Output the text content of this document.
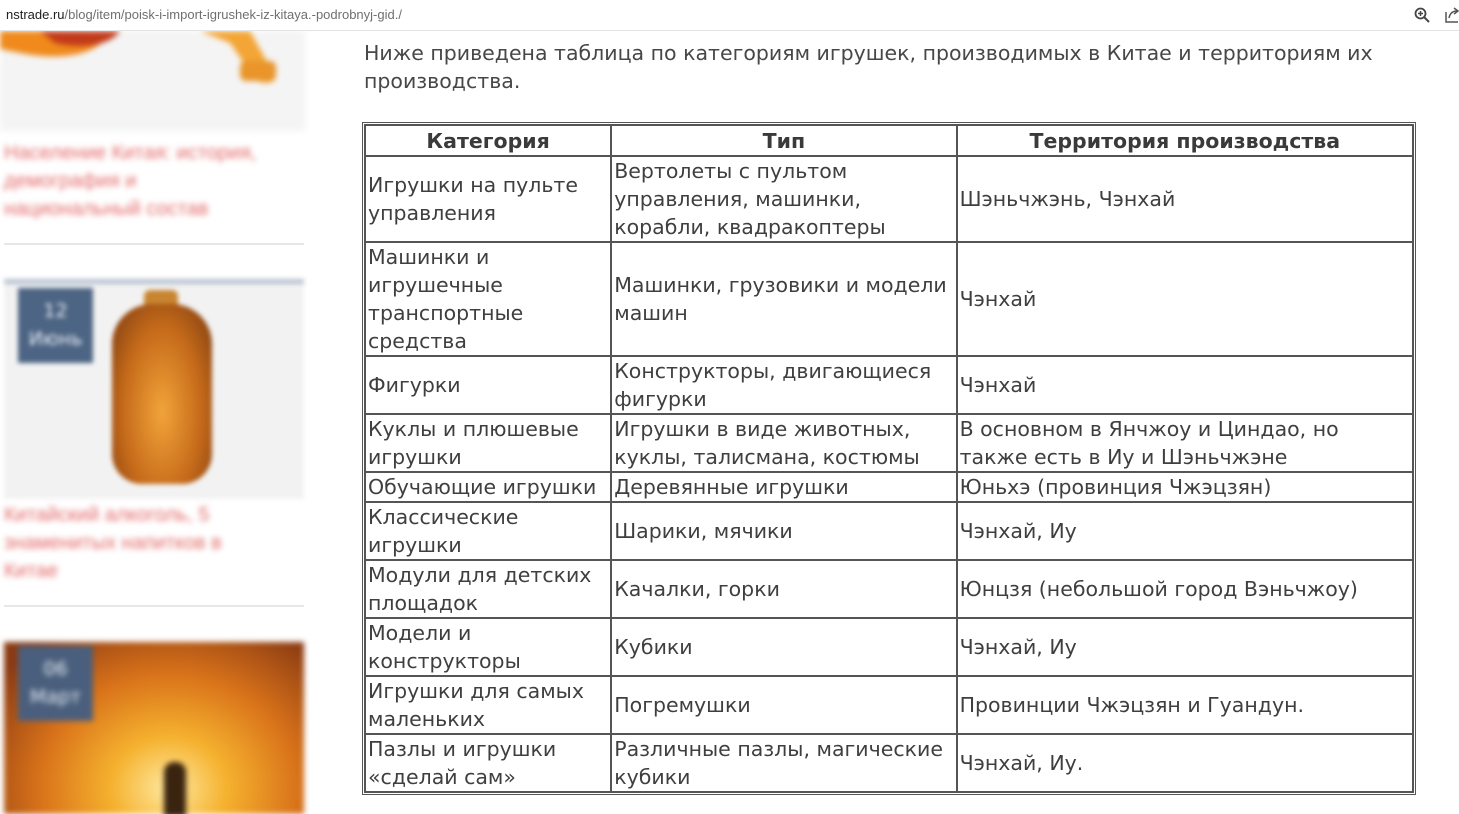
nstrade.ru/blog/item/poisk-i-import-igrushek-iz-kitaya.-podrobnyj-gid./
Население Китая: история, демография и национальный состав
12
Июнь
Китайский алкоголь, 5 знаменитых напитков в Китае
06
Март
Ниже приведена таблица по категориям игрушек, производимых в Китае и территориям их производства.
Категория	Тип	Территория производства
Игрушки на пульте управления	Вертолеты с пультом управления, машинки, корабли, квадракоптеры	Шэньчжэнь, Чэнхай
Машинки и игрушечные транспортные средства	Машинки, грузовики и модели машин	Чэнхай
Фигурки	Конструкторы, двигающиеся фигурки	Чэнхай
Куклы и плюшевые игрушки	Игрушки в виде животных, куклы, талисмана, костюмы	В основном в Янчжоу и Циндао, но также есть в Иу и Шэньчжэне
Обучающие игрушки	Деревянные игрушки	Юньхэ (провинция Чжэцзян)
Классические игрушки	Шарики, мячики	Чэнхай, Иу
Модули для детских площадок	Качалки, горки	Юнцзя (небольшой город Вэньчжоу)
Модели и конструкторы	Кубики	Чэнхай, Иу
Игрушки для самых маленьких	Погремушки	Провинции Чжэцзян и Гуандун.
Пазлы и игрушки «сделай сам»	Различные пазлы, магические кубики	Чэнхай, Иу.
